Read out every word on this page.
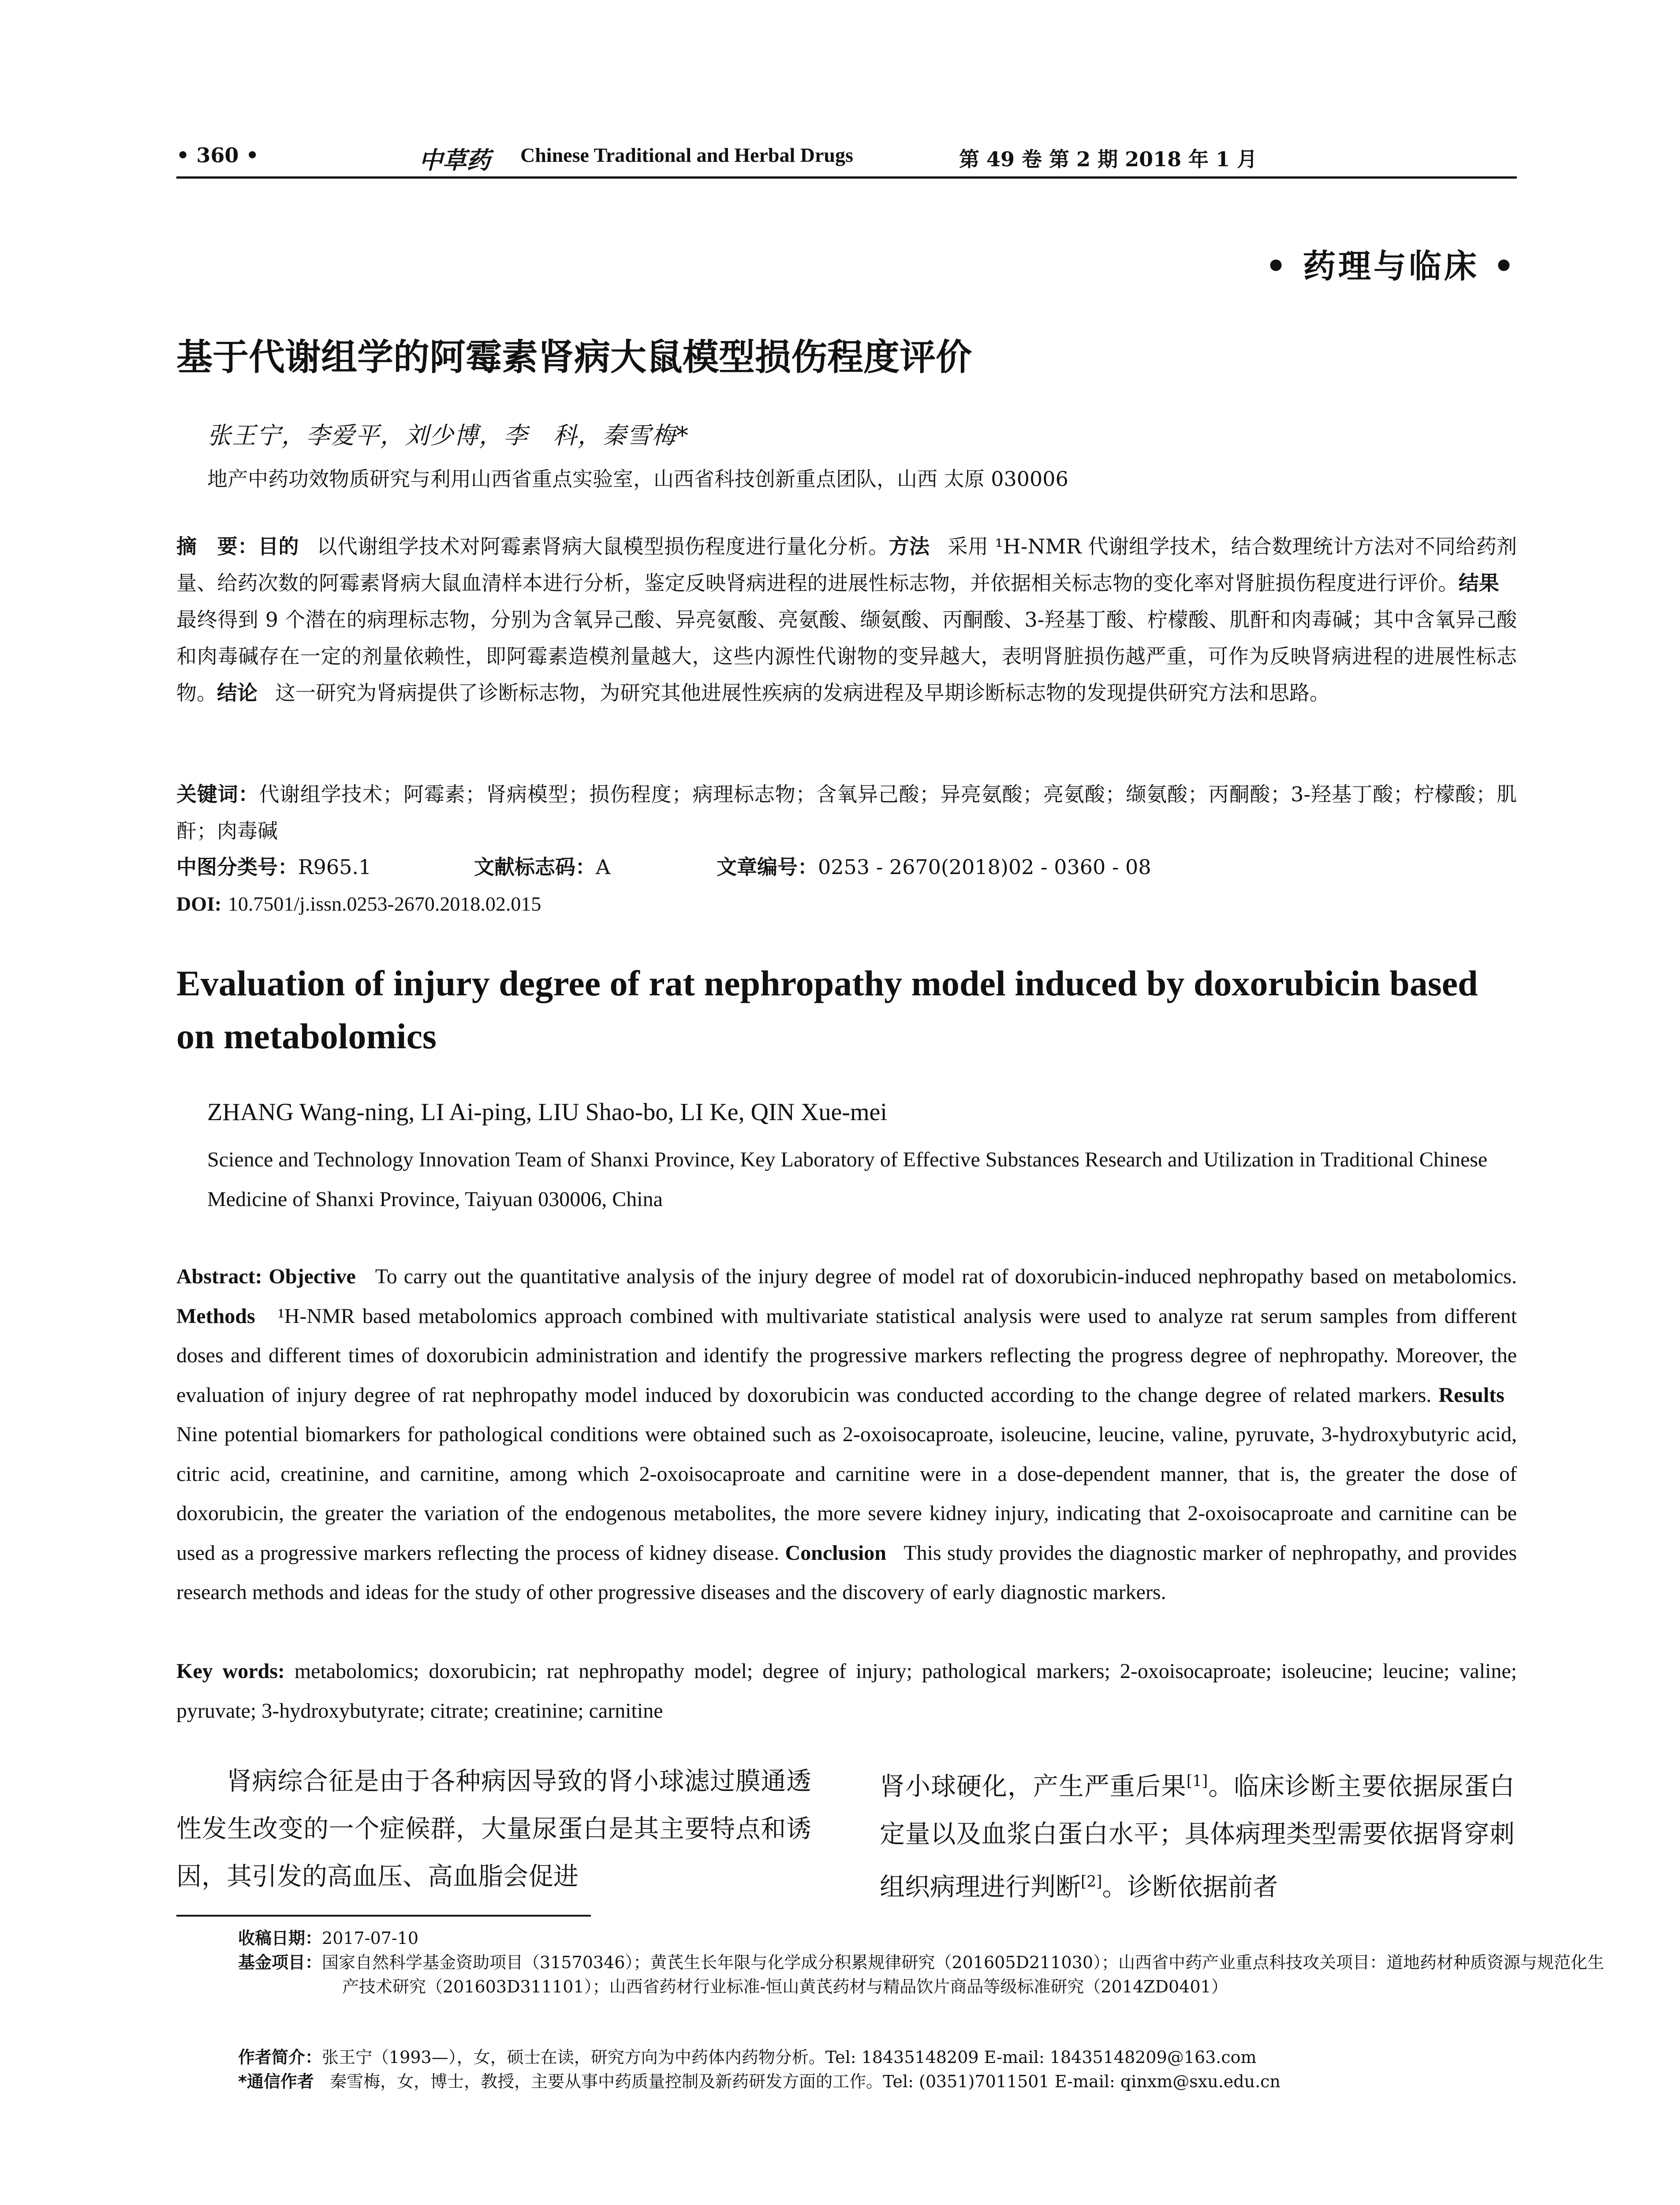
• 360 •	中草药 Chinese Traditional and Herbal Drugs	第 49 卷 第 2 期 2018 年 1 月
• 药理与临床 •
基于代谢组学的阿霉素肾病大鼠模型损伤程度评价
张王宁，李爱平，刘少博，李　科，秦雪梅*
地产中药功效物质研究与利用山西省重点实验室，山西省科技创新重点团队，山西 太原 030006
摘　要：目的 以代谢组学技术对阿霉素肾病大鼠模型损伤程度进行量化分析。方法 采用 ¹H-NMR 代谢组学技术，结合数理统计方法对不同给药剂量、给药次数的阿霉素肾病大鼠血清样本进行分析，鉴定反映肾病进程的进展性标志物，并依据相关标志物的变化率对肾脏损伤程度进行评价。结果最终得到 9 个潜在的病理标志物，分别为含氧异己酸、异亮氨酸、亮氨酸、缬氨酸、丙酮酸、3-羟基丁酸、柠檬酸、肌酐和肉毒碱；其中含氧异己酸和肉毒碱存在一定的剂量依赖性，即阿霉素造模剂量越大，这些内源性代谢物的变异越大，表明肾脏损伤越严重，可作为反映肾病进程的进展性标志物。结论 这一研究为肾病提供了诊断标志物，为研究其他进展性疾病的发病进程及早期诊断标志物的发现提供研究方法和思路。
关键词：代谢组学技术；阿霉素；肾病模型；损伤程度；病理标志物；含氧异己酸；异亮氨酸；亮氨酸；缬氨酸；丙酮酸；3-羟基丁酸；柠檬酸；肌酐；肉毒碱
中图分类号：R965.1	文献标志码：A	文章编号：0253 - 2670(2018)02 - 0360 - 08
DOI: 10.7501/j.issn.0253-2670.2018.02.015
Evaluation of injury degree of rat nephropathy model induced by doxorubicin based on metabolomics
ZHANG Wang-ning, LI Ai-ping, LIU Shao-bo, LI Ke, QIN Xue-mei
Science and Technology Innovation Team of Shanxi Province, Key Laboratory of Effective Substances Research and Utilization in Traditional Chinese Medicine of Shanxi Province, Taiyuan 030006, China
Abstract: Objective To carry out the quantitative analysis of the injury degree of model rat of doxorubicin-induced nephropathy based on metabolomics. Methods ¹H-NMR based metabolomics approach combined with multivariate statistical analysis were used to analyze rat serum samples from different doses and different times of doxorubicin administration and identify the progressive markers reflecting the progress degree of nephropathy. Moreover, the evaluation of injury degree of rat nephropathy model induced by doxorubicin was conducted according to the change degree of related markers. Results   Nine potential biomarkers for pathological conditions were obtained such as 2-oxoisocaproate, isoleucine, leucine, valine, pyruvate, 3-hydroxybutyric acid, citric acid, creatinine, and carnitine, among which 2-oxoisocaproate and carnitine were in a dose-dependent manner, that is, the greater the dose of doxorubicin, the greater the variation of the endogenous metabolites, the more severe kidney injury, indicating that 2-oxoisocaproate and carnitine can be used as a progressive markers reflecting the process of kidney disease. Conclusion This study provides the diagnostic marker of nephropathy, and provides research methods and ideas for the study of other progressive diseases and the discovery of early diagnostic markers.
Key words: metabolomics; doxorubicin; rat nephropathy model; degree of injury; pathological markers; 2-oxoisocaproate; isoleucine; leucine; valine; pyruvate; 3-hydroxybutyrate; citrate; creatinine; carnitine
肾病综合征是由于各种病因导致的肾小球滤过膜通透性发生改变的一个症候群，大量尿蛋白是其主要特点和诱因，其引发的高血压、高血脂会促进
肾小球硬化，产生严重后果[1]。临床诊断主要依据尿蛋白定量以及血浆白蛋白水平；具体病理类型需要依据肾穿刺组织病理进行判断[2]。诊断依据前者
收稿日期：2017-07-10
基金项目：国家自然科学基金资助项目（31570346）；黄芪生长年限与化学成分积累规律研究（201605D211030）；山西省中药产业重点科技攻关项目：道地药材种质资源与规范化生产技术研究（201603D311101）；山西省药材行业标准-恒山黄芪药材与精品饮片商品等级标准研究（2014ZD0401）
作者简介：张王宁（1993—），女，硕士在读，研究方向为中药体内药物分析。Tel: 18435148209 E-mail: 18435148209@163.com
*通信作者 秦雪梅，女，博士，教授，主要从事中药质量控制及新药研发方面的工作。Tel: (0351)7011501 E-mail: qinxm@sxu.edu.cn
